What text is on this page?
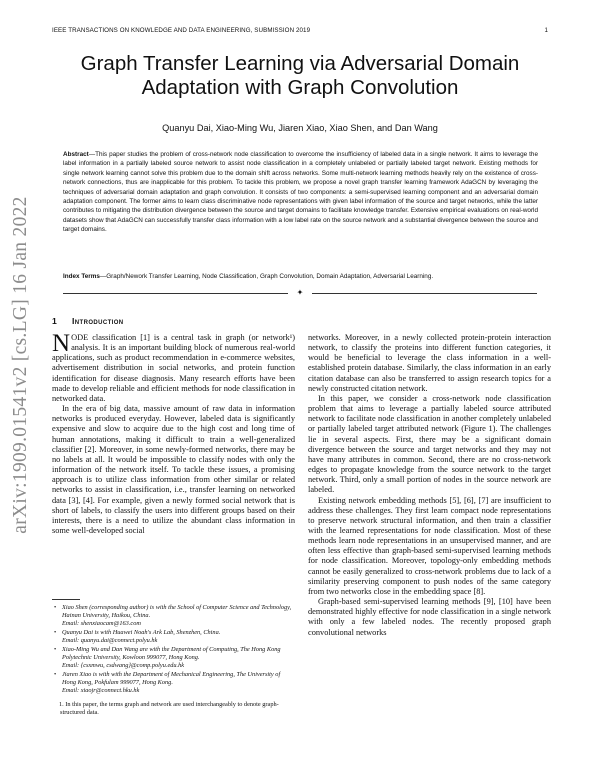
IEEE TRANSACTIONS ON KNOWLEDGE AND DATA ENGINEERING, SUBMISSION 2019	1
Graph Transfer Learning via Adversarial Domain
Adaptation with Graph Convolution
Quanyu Dai, Xiao-Ming Wu, Jiaren Xiao, Xiao Shen, and Dan Wang
Abstract—This paper studies the problem of cross-network node classification to overcome the insufficiency of labeled data in a single network. It aims to leverage the label information in a partially labeled source network to assist node classification in a completely unlabeled or partially labeled target network. Existing methods for single network learning cannot solve this problem due to the domain shift across networks. Some multi-network learning methods heavily rely on the existence of cross-network connections, thus are inapplicable for this problem. To tackle this problem, we propose a novel graph transfer learning framework AdaGCN by leveraging the techniques of adversarial domain adaptation and graph convolution. It consists of two components: a semi-supervised learning component and an adversarial domain adaptation component. The former aims to learn class discriminative node representations with given label information of the source and target networks, while the latter contributes to mitigating the distribution divergence between the source and target domains to facilitate knowledge transfer. Extensive empirical evaluations on real-world datasets show that AdaGCN can successfully transfer class information with a low label rate on the source network and a substantial divergence between the source and target domains.
Index Terms—Graph/Nework Transfer Learning, Node Classification, Graph Convolution, Domain Adaptation, Adversarial Learning.
✦
arXiv:1909.01541v2 [cs.LG] 16 Jan 2022 1 Introduction

NODE classification [1] is a central task in graph (or network¹) analysis. It is an important building block of numerous real-world applications, such as product recommendation in e-commerce websites, advertisement distribution in social networks, and protein function identification for disease diagnosis. Many research efforts have been made to develop reliable and efficient methods for node classification in networked data.

In the era of big data, massive amount of raw data in information networks is produced everyday. However, labeled data is significantly expensive and slow to acquire due to the high cost and long time of human annotations, making it difficult to train a well-generalized classifier [2]. Moreover, in some newly-formed networks, there may be no labels at all. It would be impossible to classify nodes with only the information of the network itself. To tackle these issues, a promising approach is to utilize class information from other similar or related networks to assist in classification, i.e., transfer learning on networked data [3], [4]. For example, given a newly formed social network that is short of labels, to classify the users into different groups based on their interests, there is a need to utilize the abundant class information in some well-developed social

networks. Moreover, in a newly collected protein-protein interaction network, to classify the proteins into different function categories, it would be beneficial to leverage the class information in a well-established protein database. Similarly, the class information in an early citation database can also be transferred to assign research topics for a newly constructed citation network.

In this paper, we consider a cross-network node classification problem that aims to leverage a partially labeled source attributed network to facilitate node classification in another completely unlabeled or partially labeled target attributed network (Figure 1). The challenges lie in several aspects. First, there may be a significant domain divergence between the source and target networks and they may not have many attributes in common. Second, there are no cross-network edges to propagate knowledge from the source network to the target network. Third, only a small portion of nodes in the source network are labeled.

Existing network embedding methods [5], [6], [7] are insufficient to address these challenges. They first learn compact node representations to preserve network structural information, and then train a classifier with the learned representations for node classification. Most of these methods learn node representations in an unsupervised manner, and are often less effective than graph-based semi-supervised learning methods for node classification. Moreover, topology-only embedding methods cannot be easily generalized to cross-network problems due to lack of a similarity preserving component to push nodes of the same category from two networks close in the embedding space [8].

Graph-based semi-supervised learning methods [9], [10] have been demonstrated highly effective for node classification in a single network with only a few labeled nodes. The recently proposed graph convolutional networks

• Xiao Shen (corresponding author) is with the School of Computer Science and Technology, Hainan University, Haikou, China.
Email: shenxiaocam@163.com
• Quanyu Dai is with Huawei Noah's Ark Lab, Shenzhen, China.
Email: quanyu.dai@connect.polyu.hk
• Xiao-Ming Wu and Dan Wang are with the Department of Computing, The Hong Kong Polytechnic University, Kowloon 999077, Hong Kong.
Email: {csxmwu, csdwang}@comp.polyu.edu.hk
• Jiaren Xiao is with with the Department of Mechanical Engineering, The University of Hong Kong, Pokfulam 999077, Hong Kong.
Email: xiaojr@connect.hku.hk
1. In this paper, the terms graph and network are used interchangeably to denote graph-structured data.
